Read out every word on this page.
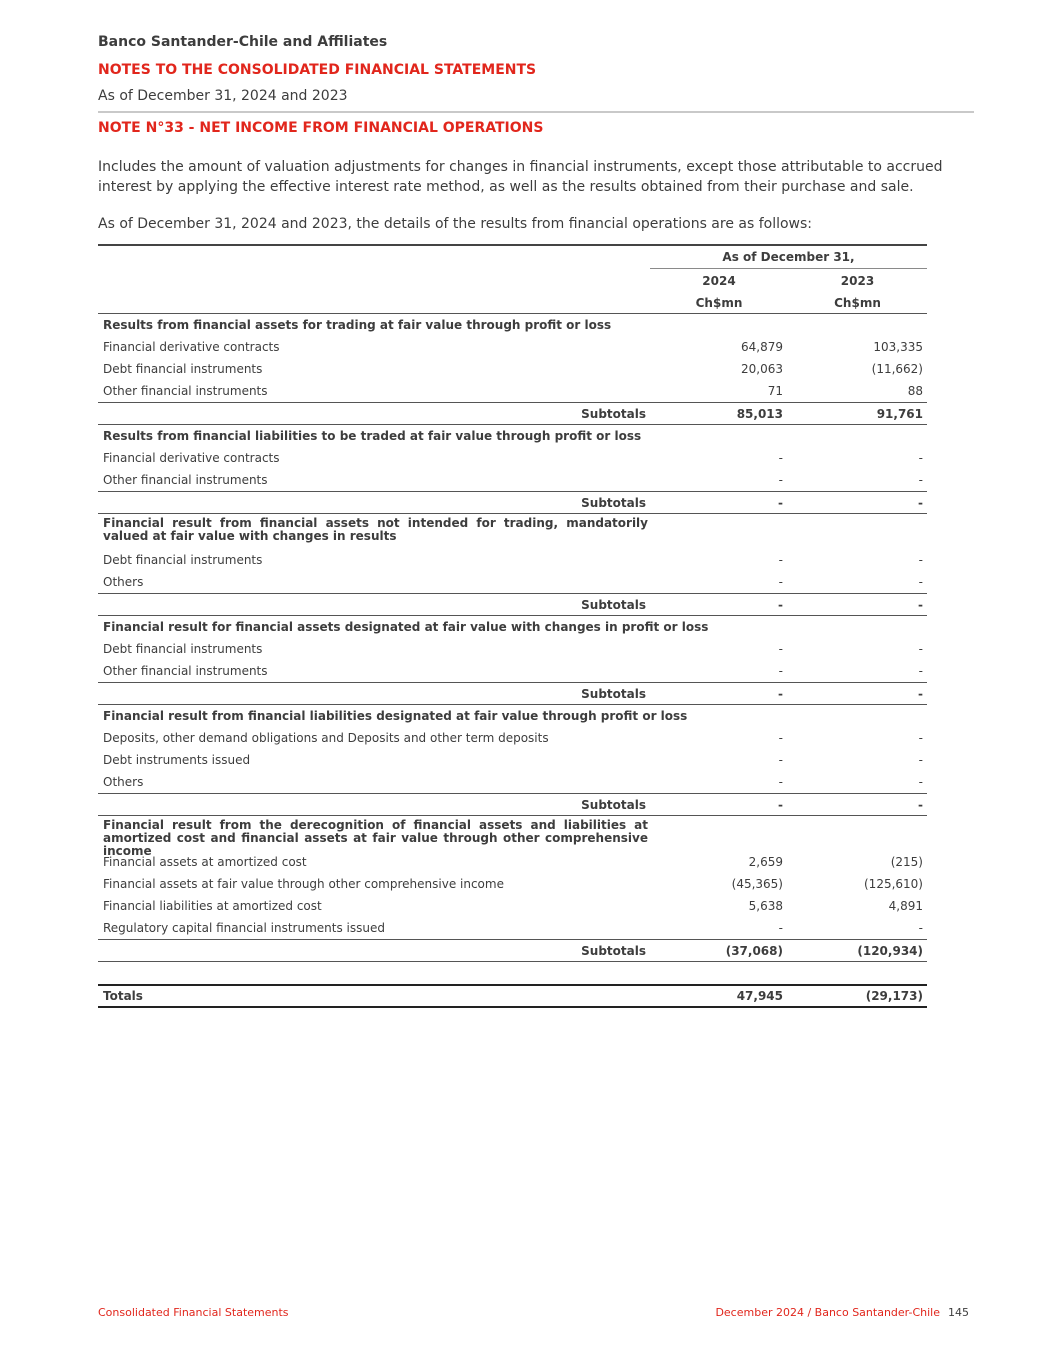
Banco Santander-Chile and Affiliates
NOTES TO THE CONSOLIDATED FINANCIAL STATEMENTS
As of December 31, 2024 and 2023
NOTE N°33 - NET INCOME FROM FINANCIAL OPERATIONS
Includes the amount of valuation adjustments for changes in financial instruments, except those attributable to accrued interest by applying the effective interest rate method, as well as the results obtained from their purchase and sale.
As of December 31, 2024 and 2023, the details of the results from financial operations are as follows:
As of December 31,
2024	2023
Ch$mn	Ch$mn
Results from financial assets for trading at fair value through profit or loss
Financial derivative contracts	64,879	103,335
Debt financial instruments	20,063	(11,662)
Other financial instruments	71	88
Subtotals	85,013	91,761
Results from financial liabilities to be traded at fair value through profit or loss
Financial derivative contracts	-	-
Other financial instruments	-	-
Subtotals	-	-
Financial result from financial assets not intended for trading, mandatorily valued at fair value with changes in results
Debt financial instruments	-	-
Others	-	-
Subtotals	-	-
Financial result for financial assets designated at fair value with changes in profit or loss
Debt financial instruments	-	-
Other financial instruments	-	-
Subtotals	-	-
Financial result from financial liabilities designated at fair value through profit or loss
Deposits, other demand obligations and Deposits and other term deposits	-	-
Debt instruments issued	-	-
Others	-	-
Subtotals	-	-
Financial result from the derecognition of financial assets and liabilities at amortized cost and financial assets at fair value through other comprehensive income
Financial assets at amortized cost	2,659	(215)
Financial assets at fair value through other comprehensive income	(45,365)	(125,610)
Financial liabilities at amortized cost	5,638	4,891
Regulatory capital financial instruments issued	-	-
Subtotals	(37,068)	(120,934)
Totals	47,945	(29,173)
Consolidated Financial Statements	December 2024 / Banco Santander-Chile 145
